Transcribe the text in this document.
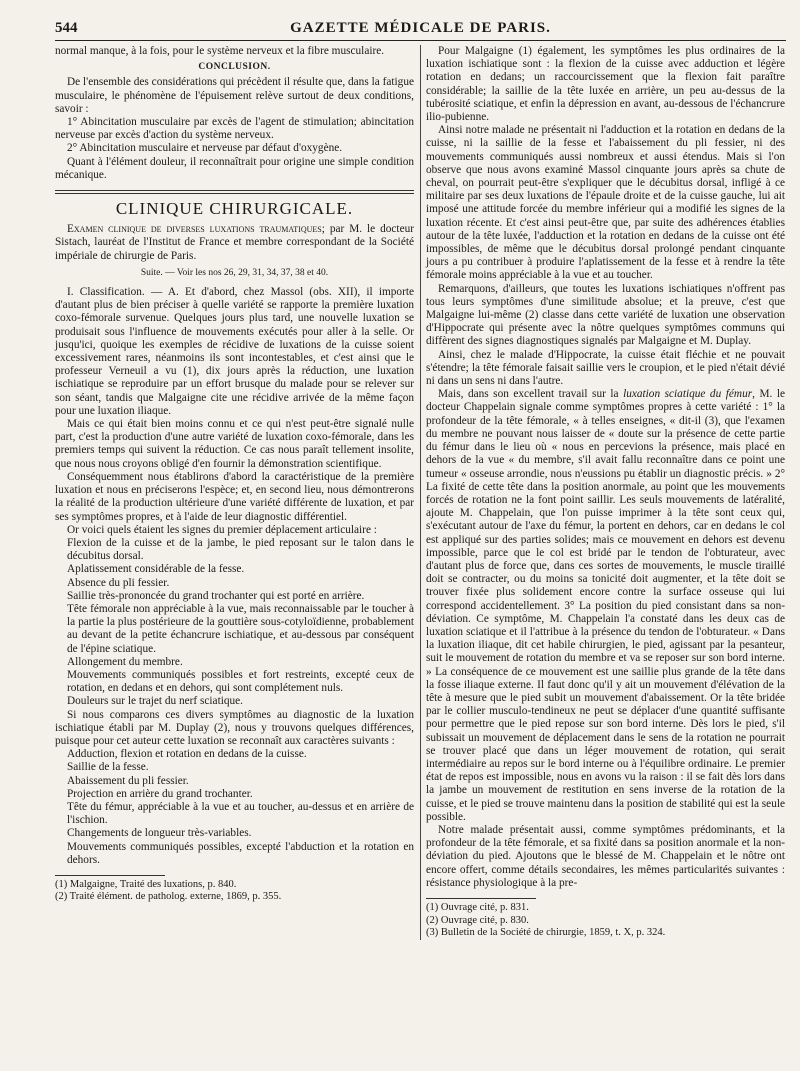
544	GAZETTE MÉDICALE DE PARIS.

normal manque, à la fois, pour le système nerveux et la fibre musculaire.

CONCLUSION.

De l'ensemble des considérations qui précèdent il résulte que, dans la fatigue musculaire, le phénomène de l'épuisement relève surtout de deux conditions, savoir :

1° Abincitation musculaire par excès de l'agent de stimulation; abincitation nerveuse par excès d'action du système nerveux.

2° Abincitation musculaire et nerveuse par défaut d'oxygène.

Quant à l'élément douleur, il reconnaîtrait pour origine une simple condition mécanique.

CLINIQUE CHIRURGICALE.

Examen clinique de diverses luxations traumatiques; par M. le docteur Sistach, lauréat de l'Institut de France et membre correspondant de la Société impériale de chirurgie de Paris.

Suite. — Voir les nos 26, 29, 31, 34, 37, 38 et 40.

I. Classification. — A. Et d'abord, chez Massol (obs. XII), il importe d'autant plus de bien préciser à quelle variété se rapporte la première luxation coxo-fémorale survenue. Quelques jours plus tard, une nouvelle luxation se produisait sous l'influence de mouvements exécutés pour aller à la selle. Or jusqu'ici, quoique les exemples de récidive de luxations de la cuisse soient excessivement rares, néanmoins ils sont incontestables, et c'est ainsi que le professeur Verneuil a vu (1), dix jours après la réduction, une luxation ischiatique se reproduire par un effort brusque du malade pour se relever sur son séant, tandis que Malgaigne cite une récidive arrivée de la même façon pour une luxation iliaque.

Mais ce qui était bien moins connu et ce qui n'est peut-être signalé nulle part, c'est la production d'une autre variété de luxation coxo-fémorale, dans les premiers temps qui suivent la réduction. Ce cas nous paraît tellement insolite, que nous nous croyons obligé d'en fournir la démonstration scientifique.

Conséquemment nous établirons d'abord la caractéristique de la première luxation et nous en préciserons l'espèce; et, en second lieu, nous démontrerons la réalité de la production ultérieure d'une variété différente de luxation, et par ses symptômes propres, et à l'aide de leur diagnostic différentiel.

Or voici quels étaient les signes du premier déplacement articulaire :

Flexion de la cuisse et de la jambe, le pied reposant sur le talon dans le décubitus dorsal.

Aplatissement considérable de la fesse.

Absence du pli fessier.

Saillie très-prononcée du grand trochanter qui est porté en arrière.

Tête fémorale non appréciable à la vue, mais reconnaissable par le toucher à la partie la plus postérieure de la gouttière sous-cotyloïdienne, probablement au devant de la petite échancrure ischiatique, et au-dessous par conséquent de l'épine sciatique.

Allongement du membre.

Mouvements communiqués possibles et fort restreints, excepté ceux de rotation, en dedans et en dehors, qui sont complétement nuls.

Douleurs sur le trajet du nerf sciatique.

Si nous comparons ces divers symptômes au diagnostic de la luxation ischiatique établi par M. Duplay (2), nous y trouvons quelques différences, puisque pour cet auteur cette luxation se reconnaît aux caractères suivants :

Adduction, flexion et rotation en dedans de la cuisse.

Saillie de la fesse.

Abaissement du pli fessier.

Projection en arrière du grand trochanter.

Tête du fémur, appréciable à la vue et au toucher, au-dessus et en arrière de l'ischion.

Changements de longueur très-variables.

Mouvements communiqués possibles, excepté l'abduction et la rotation en dehors.

(1) Malgaigne, Traité des luxations, p. 840.

(2) Traité élément. de patholog. externe, 1869, p. 355.

Pour Malgaigne (1) également, les symptômes les plus ordinaires de la luxation ischiatique sont : la flexion de la cuisse avec adduction et légère rotation en dedans; un raccourcissement que la flexion fait paraître considérable; la saillie de la tête luxée en arrière, un peu au-dessus de la tubérosité sciatique, et enfin la dépression en avant, au-dessous de l'échancrure ilio-pubienne.

Ainsi notre malade ne présentait ni l'adduction et la rotation en dedans de la cuisse, ni la saillie de la fesse et l'abaissement du pli fessier, ni des mouvements communiqués aussi nombreux et aussi étendus. Mais si l'on observe que nous avons examiné Massol cinquante jours après sa chute de cheval, on pourrait peut-être s'expliquer que le décubitus dorsal, infligé à ce militaire par ses deux luxations de l'épaule droite et de la cuisse gauche, lui ait imposé une attitude forcée du membre inférieur qui a modifié les signes de la luxation récente. Et c'est ainsi peut-être que, par suite des adhérences établies autour de la tête luxée, l'adduction et la rotation en dedans de la cuisse ont été impossibles, de même que le décubitus dorsal prolongé pendant cinquante jours a pu contribuer à produire l'aplatissement de la fesse et à rendre la tête fémorale moins appréciable à la vue et au toucher.

Remarquons, d'ailleurs, que toutes les luxations ischiatiques n'offrent pas tous leurs symptômes d'une similitude absolue; et la preuve, c'est que Malgaigne lui-même (2) classe dans cette variété de luxation une observation d'Hippocrate qui présente avec la nôtre quelques symptômes communs qui diffèrent des signes diagnostiques signalés par Malgaigne et M. Duplay.

Ainsi, chez le malade d'Hippocrate, la cuisse était fléchie et ne pouvait s'étendre; la tête fémorale faisait saillie vers le croupion, et le pied n'était dévié ni dans un sens ni dans l'autre.

Mais, dans son excellent travail sur la luxation sciatique du fémur, M. le docteur Chappelain signale comme symptômes propres à cette variété : 1° la profondeur de la tête fémorale, « à telles enseignes, « dit-il (3), que l'examen du membre ne pouvant nous laisser de « doute sur la présence de cette partie du fémur dans le lieu où « nous en percevions la présence, mais placé en dehors de la vue « du membre, s'il avait fallu reconnaître dans ce point une tumeur « osseuse arrondie, nous n'eussions pu établir un diagnostic précis. » 2° La fixité de cette tête dans la position anormale, au point que les mouvements forcés de rotation ne la font point saillir. Les seuls mouvements de latéralité, ajoute M. Chappelain, que l'on puisse imprimer à la tête sont ceux qui, s'exécutant autour de l'axe du fémur, la portent en dehors, car en dedans le col est appliqué sur des parties solides; mais ce mouvement en dehors est devenu impossible, parce que le col est bridé par le tendon de l'obturateur, avec d'autant plus de force que, dans ces sortes de mouvements, le muscle tiraillé doit se contracter, ou du moins sa tonicité doit augmenter, et la tête doit se trouver fixée plus solidement encore contre la surface osseuse qui lui correspond accidentellement. 3° La position du pied consistant dans sa non-déviation. Ce symptôme, M. Chappelain l'a constaté dans les deux cas de luxation sciatique et il l'attribue à la présence du tendon de l'obturateur. « Dans la luxation iliaque, dit cet habile chirurgien, le pied, agissant par la pesanteur, suit le mouvement de rotation du membre et va se reposer sur son bord interne. » La conséquence de ce mouvement est une saillie plus grande de la tête dans la fosse iliaque externe. Il faut donc qu'il y ait un mouvement d'élévation de la tête à mesure que le pied subit un mouvement d'abaissement. Or la tête bridée par le collier musculo-tendineux ne peut se déplacer d'une quantité suffisante pour permettre que le pied repose sur son bord interne. Dès lors le pied, s'il subissait un mouvement de déplacement dans le sens de la rotation ne pourrait se trouver placé que dans un léger mouvement de rotation, qui serait intermédiaire au repos sur le bord interne ou à l'équilibre ordinaire. Le premier état de repos est impossible, nous en avons vu la raison : il se fait dès lors dans la jambe un mouvement de restitution en sens inverse de la rotation de la cuisse, et le pied se trouve maintenu dans la position de stabilité qui est la seule possible.

Notre malade présentait aussi, comme symptômes prédominants, et la profondeur de la tête fémorale, et sa fixité dans sa position anormale et la non-déviation du pied. Ajoutons que le blessé de M. Chappelain et le nôtre ont encore offert, comme détails secondaires, les mêmes particularités suivantes : résistance physiologique à la pre-

(1) Ouvrage cité, p. 831.

(2) Ouvrage cité, p. 830.

(3) Bulletin de la Société de chirurgie, 1859, t. X, p. 324.
